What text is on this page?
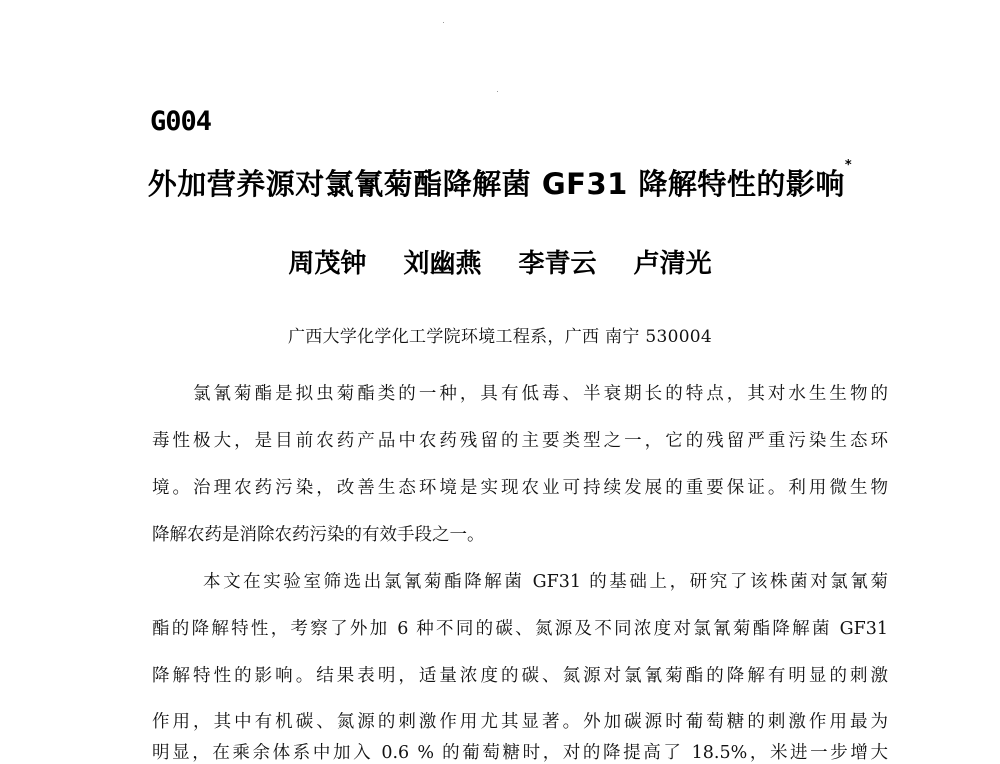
G004
外加营养源对氯氰菊酯降解菌 GF31 降解特性的影响*
周茂钟 刘幽燕 李青云 卢清光
广西大学化学化工学院环境工程系，广西 南宁 530004
氯氰菊酯是拟虫菊酯类的一种，具有低毒、半衰期长的特点，其对水生生物的
毒性极大，是目前农药产品中农药残留的主要类型之一，它的残留严重污染生态环
境。治理农药污染，改善生态环境是实现农业可持续发展的重要保证。利用微生物
降解农药是消除农药污染的有效手段之一。
本文在实验室筛选出氯氰菊酯降解菌 GF31 的基础上，研究了该株菌对氯氰菊
酯的降解特性，考察了外加 6 种不同的碳、氮源及不同浓度对氯氰菊酯降解菌 GF31
降解特性的影响。结果表明，适量浓度的碳、氮源对氯氰菊酯的降解有明显的刺激
作用，其中有机碳、氮源的刺激作用尤其显著。外加碳源时葡萄糖的刺激作用最为
明显，在乘余体系中加入 0.6 % 的葡萄糖时，对的降提高了 18.5%，米进一步增大
